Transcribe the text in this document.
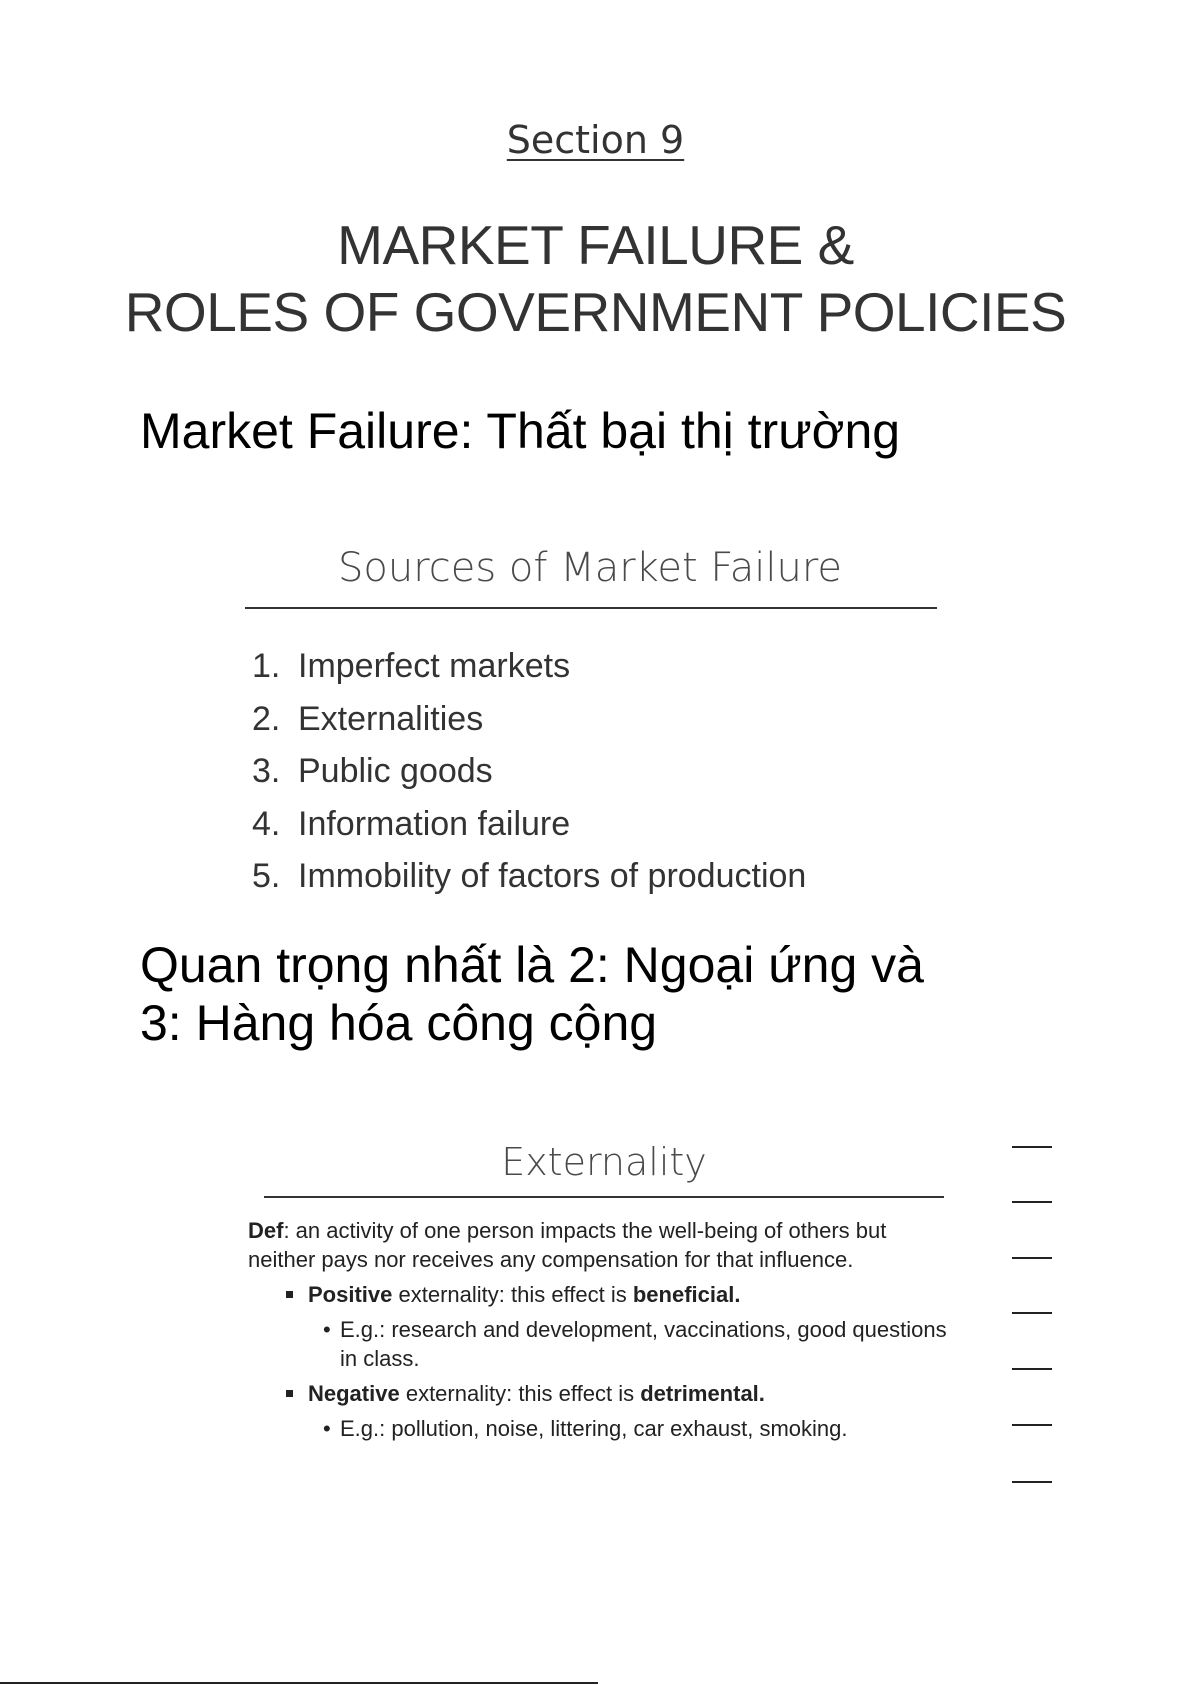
Section 9
MARKET FAILURE &
ROLES OF GOVERNMENT POLICIES
Market Failure: Thất bại thị trường
Sources of Market Failure
1. Imperfect markets
2. Externalities
3. Public goods
4. Information failure
5. Immobility of factors of production
Quan trọng nhất là 2: Ngoại ứng và
3: Hàng hóa công cộng
Externality

Def: an activity of one person impacts the well-being of others but neither pays nor receives any compensation for that influence.

Positive externality: this effect is beneficial.
• E.g.: research and development, vaccinations, good questions in class.
Negative externality: this effect is detrimental.
• E.g.: pollution, noise, littering, car exhaust, smoking.
